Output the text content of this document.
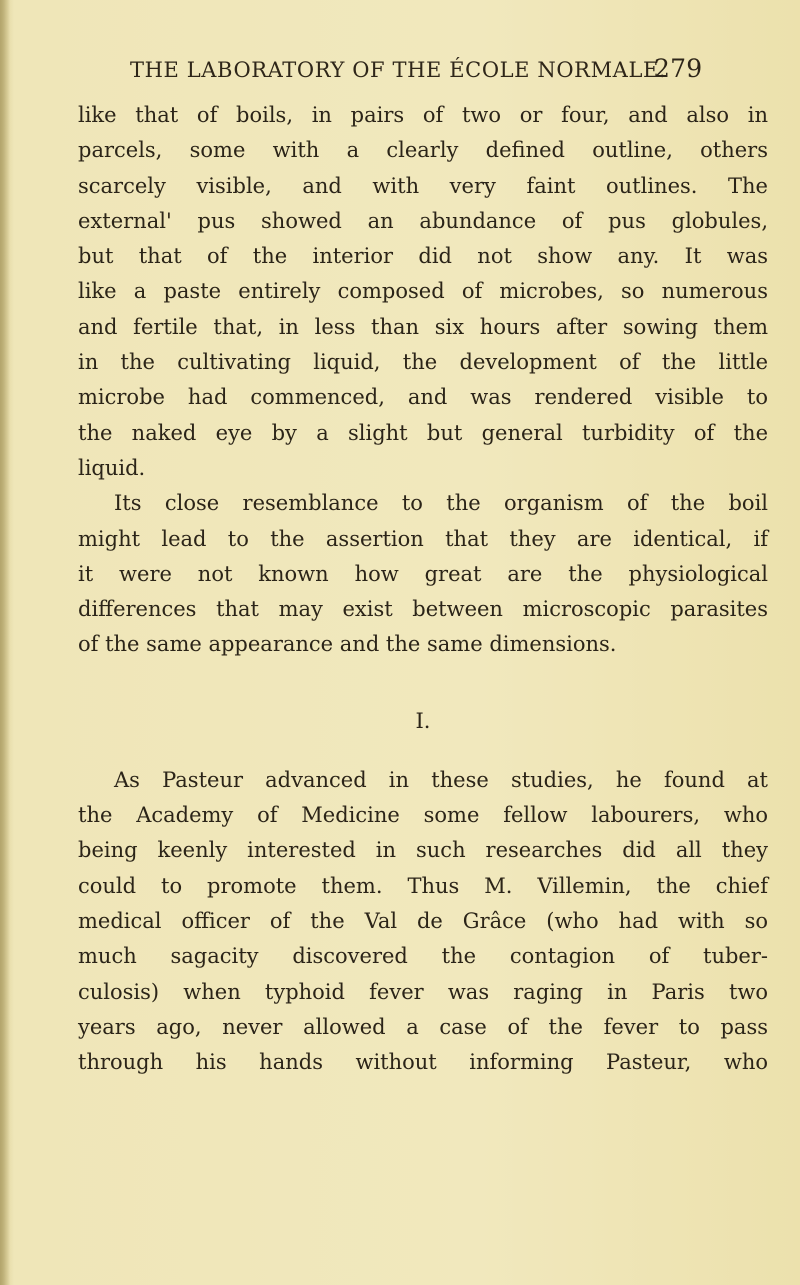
THE LABORATORY OF THE ÉCOLE NORMALE.
279
like that of boils, in pairs of two or four, and also in
parcels, some with a clearly defined outline, others
scarcely visible, and with very faint outlines. The
external' pus showed an abundance of pus globules,
but that of the interior did not show any. It was
like a paste entirely composed of microbes, so numerous
and fertile that, in less than six hours after sowing them
in the cultivating liquid, the development of the little
microbe had commenced, and was rendered visible to
the naked eye by a slight but general turbidity of the
liquid.
Its close resemblance to the organism of the boil
might lead to the assertion that they are identical, if
it were not known how great are the physiological
differences that may exist between microscopic parasites
of the same appearance and the same dimensions.
I.
As Pasteur advanced in these studies, he found at
the Academy of Medicine some fellow labourers, who
being keenly interested in such researches did all they
could to promote them. Thus M. Villemin, the chief
medical officer of the Val de Grâce (who had with so
much sagacity discovered the contagion of tuber-
culosis) when typhoid fever was raging in Paris two
years ago, never allowed a case of the fever to pass
through his hands without informing Pasteur, who
